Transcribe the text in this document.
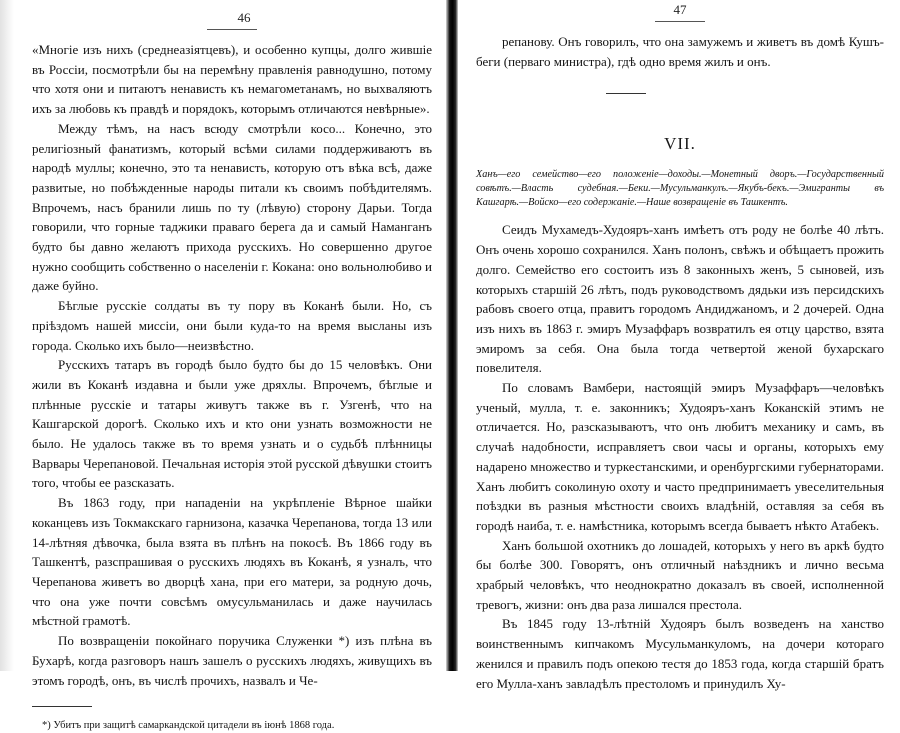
46

«Многіе изъ нихъ (среднеазіятцевъ), и особенно купцы, долго жившіе въ Россіи, посмотрѣли бы на перемѣну правленія равнодушно, потому что хотя они и питаютъ ненависть къ немагометанамъ, но выхваляютъ ихъ за любовь къ правдѣ и порядокъ, которымъ отличаются невѣрные».

Между тѣмъ, на насъ всюду смотрѣли косо... Конечно, это религіозный фанатизмъ, который всѣми силами поддерживаютъ въ народѣ муллы; конечно, это та ненависть, которую отъ вѣка всѣ, даже развитые, но побѣжденные народы питали къ своимъ побѣдителямъ. Впрочемъ, насъ бранили лишь по ту (лѣвую) сторону Дарьи. Тогда говорили, что горные таджики праваго берега да и самый Наманганъ будто бы давно желаютъ прихода русскихъ. Но совершенно другое нужно сообщить собственно о населеніи г. Кокана: оно вольнолюбиво и даже буйно.

Бѣглые русскіе солдаты въ ту пору въ Коканѣ были. Но, съ пріѣздомъ нашей миссіи, они были куда-то на время высланы изъ города. Сколько ихъ было—неизвѣстно.

Русскихъ татаръ въ городѣ было будто бы до 15 человѣкъ. Они жили въ Коканѣ издавна и были уже дряхлы. Впрочемъ, бѣглые и плѣнные русскіе и татары живутъ также въ г. Узгенѣ, что на Кашгарской дорогѣ. Сколько ихъ и кто они узнать возможности не было. Не удалось также въ то время узнать и о судьбѣ плѣнницы Варвары Черепановой. Печальная исторія этой русской дѣвушки стоитъ того, чтобы ее разсказать.

Въ 1863 году, при нападеніи на укрѣпленіе Вѣрное шайки коканцевъ изъ Токмакскаго гарнизона, казачка Черепанова, тогда 13 или 14-лѣтняя дѣвочка, была взята въ плѣнъ на покосѣ. Въ 1866 году въ Ташкентѣ, разспрашивая о русскихъ людяхъ въ Коканѣ, я узналъ, что Черепанова живетъ во дворцѣ хана, при его матери, за родную дочь, что она уже почти совсѣмъ омусульманилась и даже научилась мѣстной грамотѣ.

По возвращеніи покойнаго поручика Служенки *) изъ плѣна въ Бухарѣ, когда разговоръ нашъ зашелъ о русскихъ людяхъ, живущихъ въ этомъ городѣ, онъ, въ числѣ прочихъ, назвалъ и Че-

*) Убитъ при защитѣ самаркандской цитадели въ іюнѣ 1868 года.
47

репанову. Онъ говорилъ, что она замужемъ и живетъ въ домѣ Кушъ-беги (перваго министра), гдѣ одно время жилъ и онъ.

VII.
Ханъ—его семейство—его положеніе—доходы.—Монетный дворъ.—Государственный совѣтъ.—Власть судебная.—Беки.—Мусульманкулъ.—Якубъ-бекъ.—Эмигранты въ Кашгарѣ.—Войско—его содержаніе.—Наше возвращеніе въ Ташкентъ.

Сеидъ Мухамедъ-Худояръ-ханъ имѣетъ отъ роду не болѣе 40 лѣтъ. Онъ очень хорошо сохранился. Ханъ полонъ, свѣжъ и обѣщаетъ прожить долго. Семейство его состоитъ изъ 8 законныхъ женъ, 5 сыновей, изъ которыхъ старшій 26 лѣтъ, подъ руководствомъ дядьки изъ персидскихъ рабовъ своего отца, правитъ городомъ Андиджаномъ, и 2 дочерей. Одна изъ нихъ въ 1863 г. эмиръ Музаффаръ возвратилъ ея отцу царство, взята эмиромъ за себя. Она была тогда четвертой женой бухарскаго повелителя.

По словамъ Вамбери, настоящій эмиръ Музаффаръ—человѣкъ ученый, мулла, т. е. законникъ; Худояръ-ханъ Коканскій этимъ не отличается. Но, разсказываютъ, что онъ любитъ механику и самъ, въ случаѣ надобности, исправляетъ свои часы и органы, которыхъ ему надарено множество и туркестанскими, и оренбургскими губернаторами. Ханъ любитъ соколиную охоту и часто предпринимаетъ увеселительныя поѣздки въ разныя мѣстности своихъ владѣній, оставляя за себя въ городѣ наиба, т. е. намѣстника, которымъ всегда бываетъ нѣкто Атабекъ.

Ханъ большой охотникъ до лошадей, которыхъ у него въ аркѣ будто бы болѣе 300. Говорятъ, онъ отличный наѣздникъ и лично весьма храбрый человѣкъ, что неоднократно доказалъ въ своей, исполненной тревогъ, жизни: онъ два раза лишался престола.

Въ 1845 году 13-лѣтній Худояръ былъ возведенъ на ханство воинственнымъ кипчакомъ Мусульманкуломъ, на дочери котораго женился и правилъ подъ опекою тестя до 1853 года, когда старшій братъ его Мулла-ханъ завладѣлъ престоломъ и принудилъ Ху-
